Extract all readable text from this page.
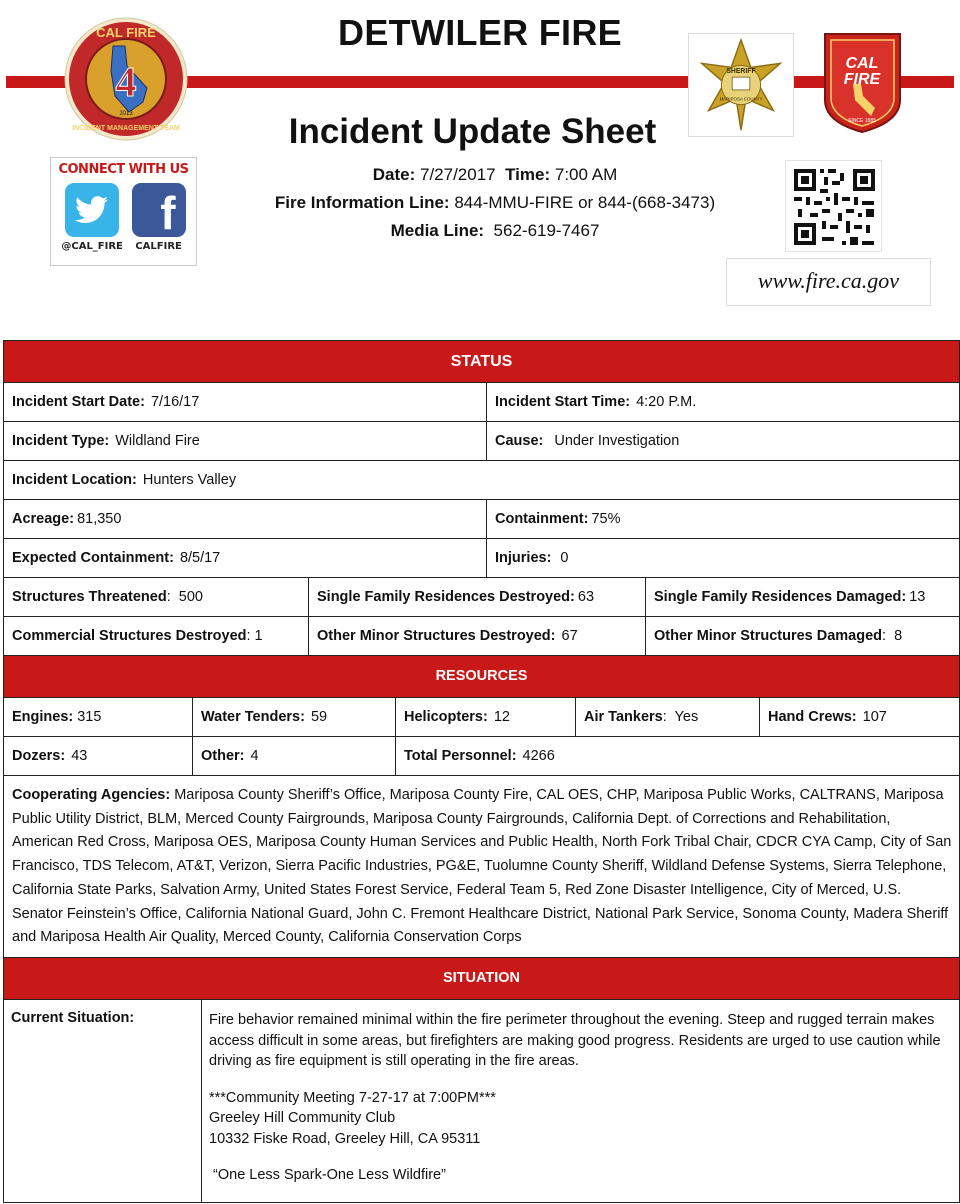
DETWILER FIRE
4
CAL FIRE
INCIDENT MANAGEMENT TEAM
2013
CONNECT WITH US
@CAL_FIRE
f
CALFIRE
SHERIFF
MARIPOSA COUNTY
CAL
FIRE
SINCE 1885
Incident Update Sheet
Date: 7/27/2017 Time: 7:00 AM
Fire Information Line: 844-MMU-FIRE or 844-(668-3473)
Media Line: 562-619-7467
www.fire.ca.gov
STATUS
Incident Start Date: 7/16/17	Incident Start Time: 4:20 P.M.
Incident Type: Wildland Fire	Cause: Under Investigation
Incident Location: Hunters Valley
Acreage: 81,350	Containment: 75%
Expected Containment: 8/5/17	Injuries: 0
Structures Threatened :  500	Single Family Residences Destroyed: 63	Single Family Residences Damaged: 13
Commercial Structures Destroyed : 1	Other Minor Structures Destroyed: 67	Other Minor Structures Damaged :  8
RESOURCES
Engines: 315	Water Tenders: 59	Helicopters: 12	Air Tankers :  Yes	Hand Crews: 107
Dozers: 43	Other: 4	Total Personnel: 4266
Cooperating Agencies: Mariposa County Sheriff’s Office, Mariposa County Fire, CAL OES, CHP, Mariposa Public Works, CALTRANS, Mariposa Public Utility District, BLM, Merced County Fairgrounds, Mariposa County Fairgrounds, California Dept. of Corrections and Rehabilitation, American Red Cross, Mariposa OES, Mariposa County Human Services and Public Health, North Fork Tribal Chair, CDCR CYA Camp, City of San Francisco, TDS Telecom, AT&T, Verizon, Sierra Pacific Industries, PG&E, Tuolumne County Sheriff, Wildland Defense Systems, Sierra Telephone, California State Parks, Salvation Army, United States Forest Service, Federal Team 5, Red Zone Disaster Intelligence, City of Merced, U.S. Senator Feinstein’s Office, California National Guard, John C. Fremont Healthcare District, National Park Service, Sonoma County, Madera Sheriff and Mariposa Health Air Quality, Merced County, California Conservation Corps
SITUATION
Current Situation:	Fire behavior remained minimal within the fire perimeter throughout the evening. Steep and rugged terrain makes access difficult in some areas, but firefighters are making good progress. Residents are urged to use caution while driving as fire equipment is still operating in the fire areas.

***Community Meeting 7-27-17 at 7:00PM***

Greeley Hill Community Club

10332 Fiske Road, Greeley Hill, CA 95311

“One Less Spark-One Less Wildfire”
